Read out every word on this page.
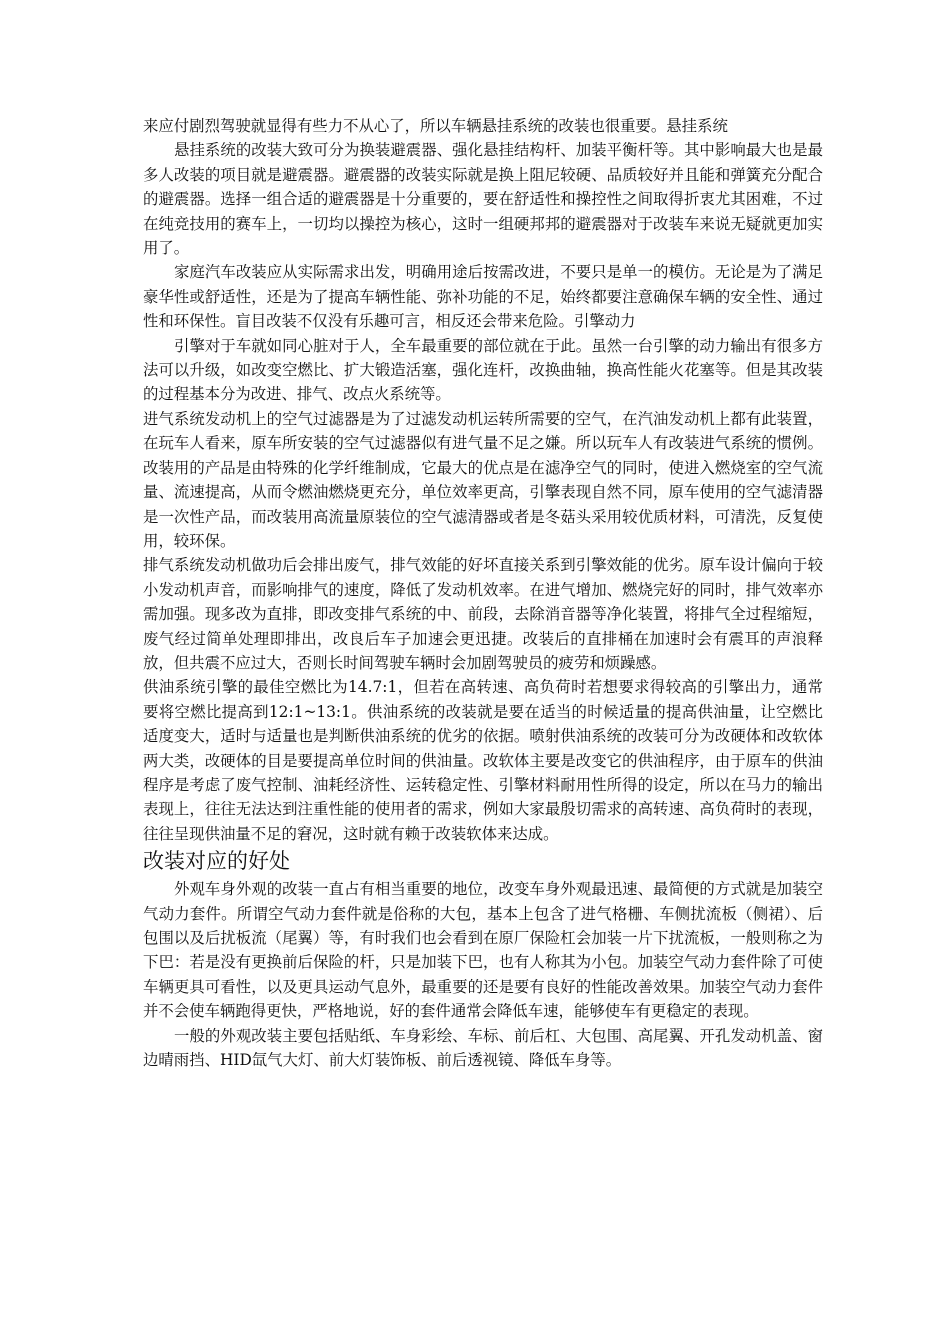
来应付剧烈驾驶就显得有些力不从心了，所以车辆悬挂系统的改装也很重要。悬挂系统

悬挂系统的改装大致可分为换装避震器、强化悬挂结构杆、加装平衡杆等。其中影响最大也是最多人改装的项目就是避震器。避震器的改装实际就是换上阻尼较硬、品质较好并且能和弹簧充分配合的避震器。选择一组合适的避震器是十分重要的，要在舒适性和操控性之间取得折衷尤其困难，不过在纯竞技用的赛车上，一切均以操控为核心，这时一组硬邦邦的避震器对于改装车来说无疑就更加实用了。

家庭汽车改装应从实际需求出发，明确用途后按需改进，不要只是单一的模仿。无论是为了满足豪华性或舒适性，还是为了提高车辆性能、弥补功能的不足，始终都要注意确保车辆的安全性、通过性和环保性。盲目改装不仅没有乐趣可言，相反还会带来危险。引擎动力

引擎对于车就如同心脏对于人，全车最重要的部位就在于此。虽然一台引擎的动力输出有很多方法可以升级，如改变空燃比、扩大锻造活塞，强化连杆，改换曲轴，换高性能火花塞等。但是其改装的过程基本分为改进、排气、改点火系统等。

进气系统发动机上的空气过滤器是为了过滤发动机运转所需要的空气，在汽油发动机上都有此装置，在玩车人看来，原车所安装的空气过滤器似有进气量不足之嫌。所以玩车人有改装进气系统的惯例。改装用的产品是由特殊的化学纤维制成，它最大的优点是在滤净空气的同时，使进入燃烧室的空气流量、流速提高，从而令燃油燃烧更充分，单位效率更高，引擎表现自然不同，原车使用的空气滤清器是一次性产品，而改装用高流量原装位的空气滤清器或者是冬菇头采用较优质材料，可清洗，反复使用，较环保。

排气系统发动机做功后会排出废气，排气效能的好坏直接关系到引擎效能的优劣。原车设计偏向于较小发动机声音，而影响排气的速度，降低了发动机效率。在进气增加、燃烧完好的同时，排气效率亦需加强。现多改为直排，即改变排气系统的中、前段，去除消音器等净化装置，将排气全过程缩短，废气经过简单处理即排出，改良后车子加速会更迅捷。改装后的直排桶在加速时会有震耳的声浪释放，但共震不应过大，否则长时间驾驶车辆时会加剧驾驶员的疲劳和烦躁感。

供油系统引擎的最佳空燃比为14.7:1，但若在高转速、高负荷时若想要求得较高的引擎出力，通常要将空燃比提高到12:1~13:1。供油系统的改装就是要在适当的时候适量的提高供油量，让空燃比适度变大，适时与适量也是判断供油系统的优劣的依据。喷射供油系统的改装可分为改硬体和改软体两大类，改硬体的目是要提高单位时间的供油量。改软体主要是改变它的供油程序，由于原车的供油程序是考虑了废气控制、油耗经济性、运转稳定性、引擎材料耐用性所得的设定，所以在马力的输出表现上，往往无法达到注重性能的使用者的需求，例如大家最殷切需求的高转速、高负荷时的表现，往往呈现供油量不足的窘况，这时就有赖于改装软体来达成。

改装对应的好处

外观车身外观的改装一直占有相当重要的地位，改变车身外观最迅速、最简便的方式就是加装空气动力套件。所谓空气动力套件就是俗称的大包，基本上包含了进气格栅、车侧扰流板（侧裙）、后包围以及后扰板流（尾翼）等，有时我们也会看到在原厂保险杠会加装一片下扰流板，一般则称之为下巴：若是没有更换前后保险的杆，只是加装下巴，也有人称其为小包。加装空气动力套件除了可使车辆更具可看性，以及更具运动气息外，最重要的还是要有良好的性能改善效果。加装空气动力套件并不会使车辆跑得更快，严格地说，好的套件通常会降低车速，能够使车有更稳定的表现。

一般的外观改装主要包括贴纸、车身彩绘、车标、前后杠、大包围、高尾翼、开孔发动机盖、窗边晴雨挡、HID氙气大灯、前大灯装饰板、前后透视镜、降低车身等。
